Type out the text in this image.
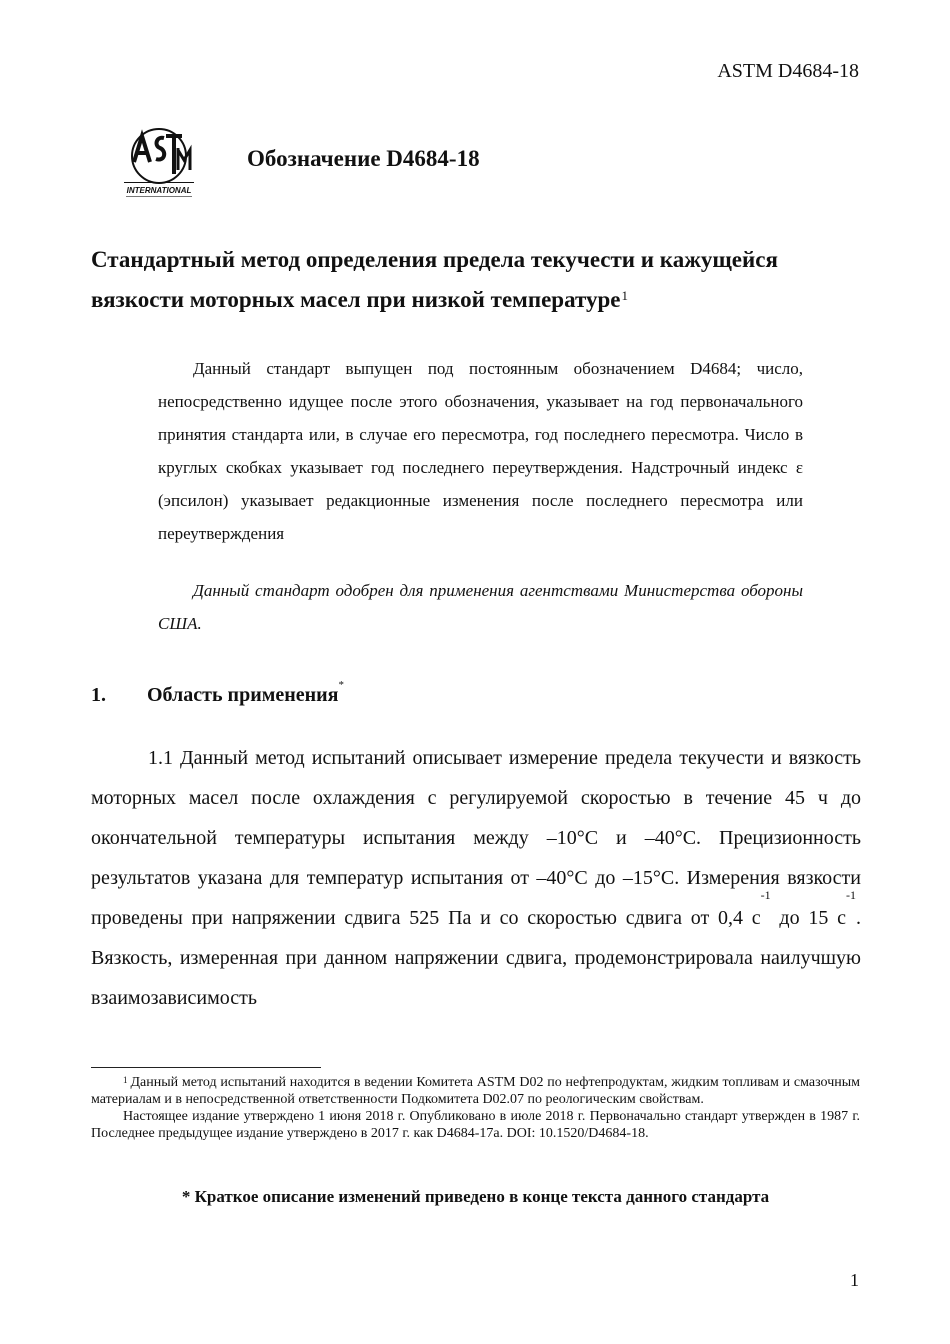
ASTM D4684-18
INTERNATIONAL
Обозначение D4684-18
Стандартный метод определения предела текучести и кажущейся
вязкости моторных масел при низкой температуре$^1$
Данный стандарт выпущен под постоянным обозначением D4684; число, непосредственно идущее после этого обозначения, указывает на год первоначального принятия стандарта или, в случае его пересмотра, год последнего пересмотра. Число в круглых скобках указывает год последнего переутверждения. Надстрочный индекс ε (эпсилон) указывает редакционные изменения после последнего пересмотра или переутверждения
Данный стандарт одобрен для применения агентствами Министерства обороны США.
1. Область применения*
1.1 Данный метод испытаний описывает измерение предела текучести и вязкость моторных масел после охлаждения с регулируемой скоростью в течение 45 ч до окончательной температуры испытания между –10°C и –40°C. Прецизионность результатов указана для температур испытания от –40°C до –15°C. Измерения вязкости проведены при напряжении сдвига 525 Па и со скоростью сдвига от 0,4 $с^{-1}$ до 15 $с^{-1}$. Вязкость, измеренная при данном напряжении сдвига, продемонстрировала наилучшую взаимозависимость

$^1$ Данный метод испытаний находится в ведении Комитета ASTM D02 по нефтепродуктам, жидким топливам и смазочным материалам и в непосредственной ответственности Подкомитета D02.07 по реологическим свойствам.

Настоящее издание утверждено 1 июня 2018 г. Опубликовано в июле 2018 г. Первоначально стандарт утвержден в 1987 г. Последнее предыдущее издание утверждено в 2017 г. как D4684-17a. DOI: 10.1520/D4684-18.

* Краткое описание изменений приведено в конце текста данного стандарта
1
